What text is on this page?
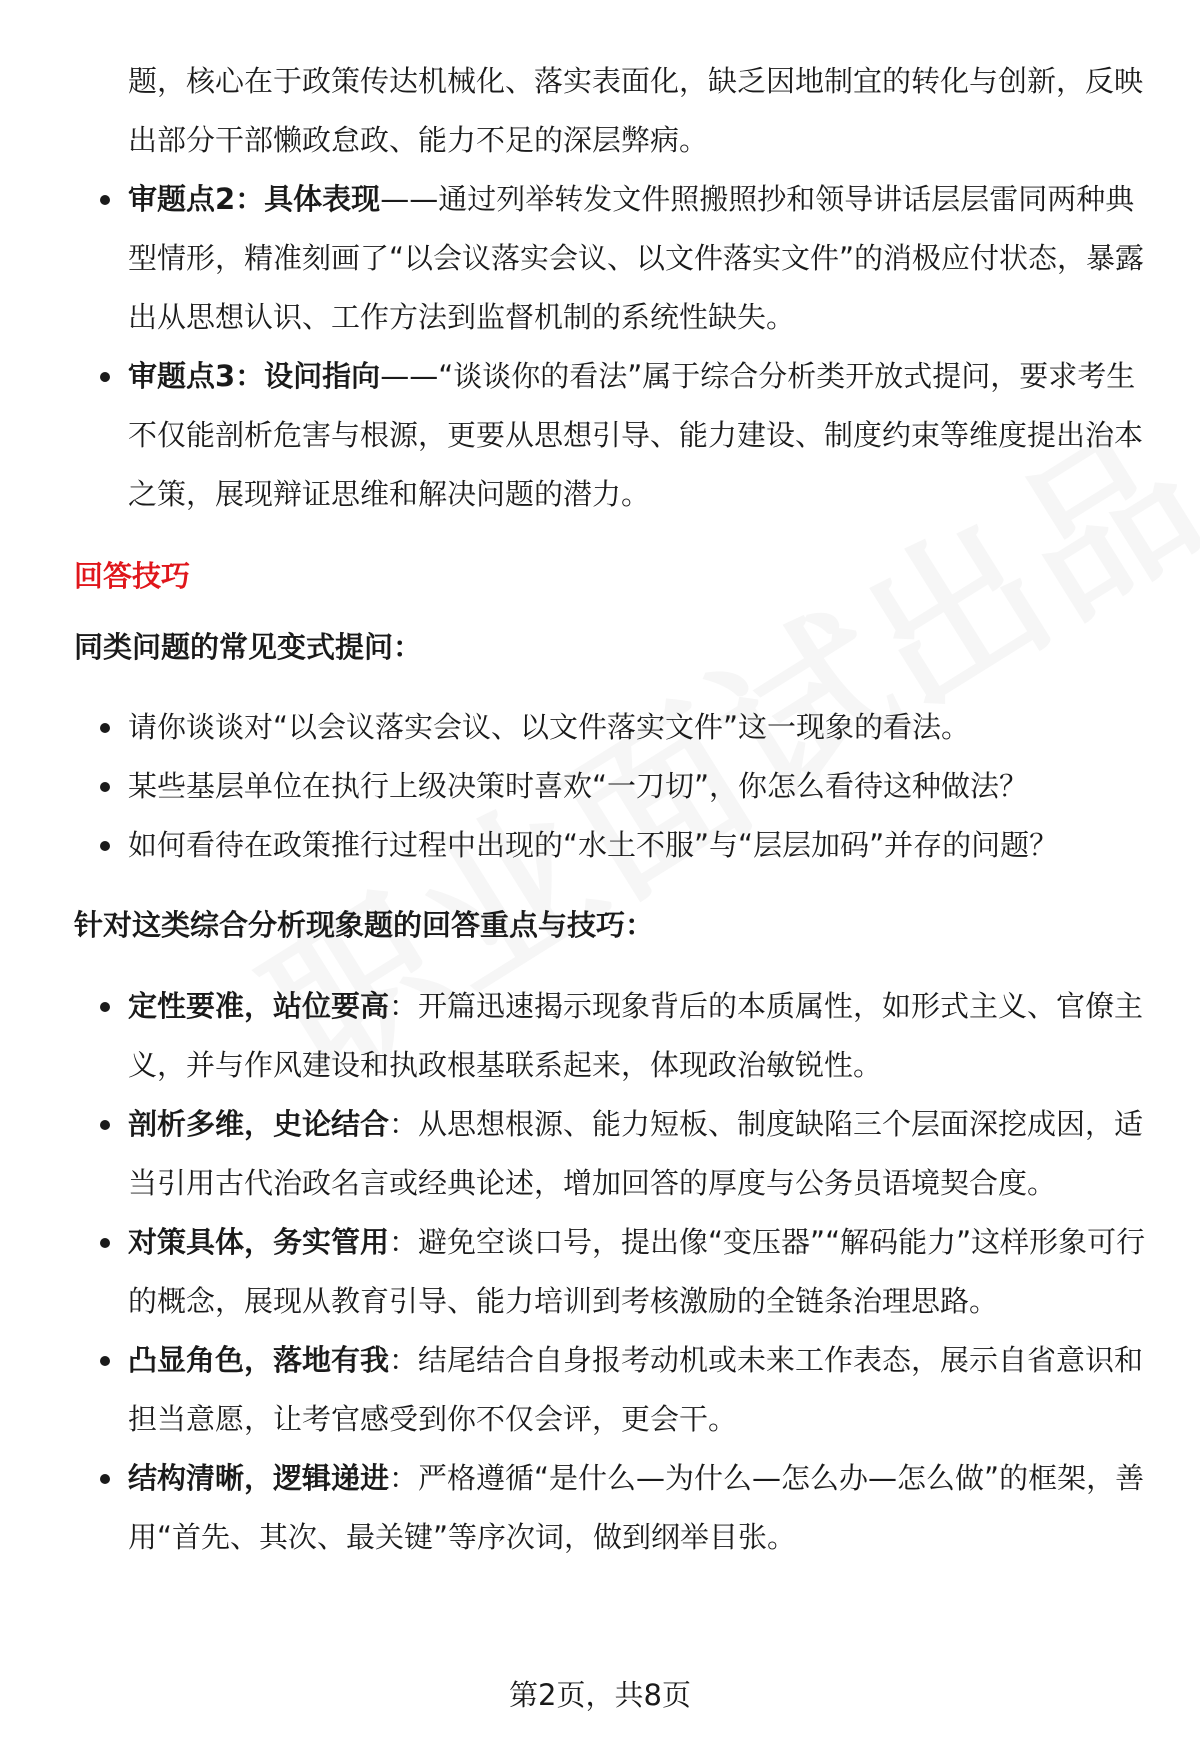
题，核心在于政策传达机械化、落实表面化，缺乏因地制宜的转化与创新，反映出部分干部懒政怠政、能力不足的深层弊病。
审题点2：具体表现——通过列举转发文件照搬照抄和领导讲话层层雷同两种典型情形，精准刻画了“以会议落实会议、以文件落实文件”的消极应付状态，暴露出从思想认识、工作方法到监督机制的系统性缺失。
审题点3：设问指向——“谈谈你的看法”属于综合分析类开放式提问，要求考生不仅能剖析危害与根源，更要从思想引导、能力建设、制度约束等维度提出治本之策，展现辩证思维和解决问题的潜力。
回答技巧
同类问题的常见变式提问：
请你谈谈对“以会议落实会议、以文件落实文件”这一现象的看法。
某些基层单位在执行上级决策时喜欢“一刀切”，你怎么看待这种做法？
如何看待在政策推行过程中出现的“水土不服”与“层层加码”并存的问题？
针对这类综合分析现象题的回答重点与技巧：
定性要准，站位要高：开篇迅速揭示现象背后的本质属性，如形式主义、官僚主义，并与作风建设和执政根基联系起来，体现政治敏锐性。
剖析多维，史论结合：从思想根源、能力短板、制度缺陷三个层面深挖成因，适当引用古代治政名言或经典论述，增加回答的厚度与公务员语境契合度。
对策具体，务实管用：避免空谈口号，提出像“变压器”“解码能力”这样形象可行的概念，展现从教育引导、能力培训到考核激励的全链条治理思路。
凸显角色，落地有我：结尾结合自身报考动机或未来工作表态，展示自省意识和担当意愿，让考官感受到你不仅会评，更会干。
结构清晰，逻辑递进：严格遵循“是什么—为什么—怎么办—怎么做”的框架，善用“首先、其次、最关键”等序次词，做到纲举目张。
第2页，共8页
